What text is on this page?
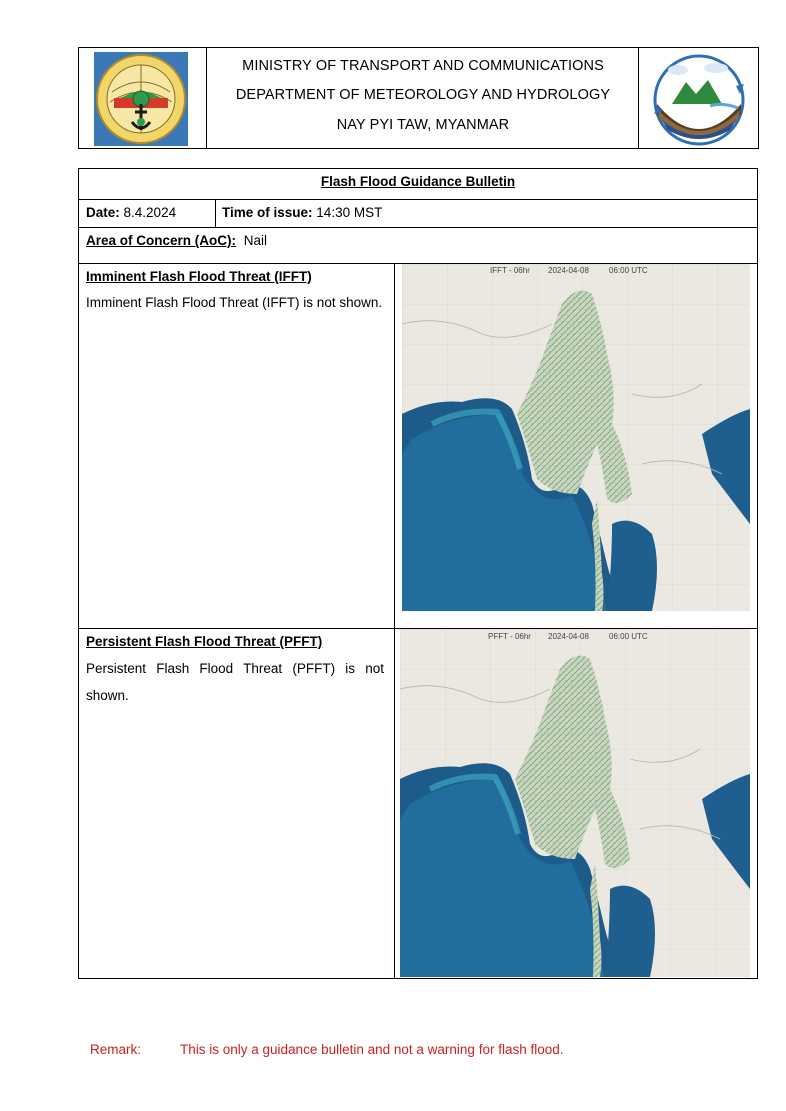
MINISTRY OF TRANSPORT AND COMMUNICATIONS
DEPARTMENT OF METEOROLOGY AND HYDROLOGY
NAY PYI TAW, MYANMAR
Flash Flood Guidance Bulletin
Date: 8.4.2024	Time of issue: 14:30 MST
Area of Concern (AoC): Nail
Imminent Flash Flood Threat (IFFT)
Imminent Flash Flood Threat (IFFT) is not shown.
IFFT - 06hr 2024-04-08	06:00 UTC
Persistent Flash Flood Threat (PFFT)
Persistent Flash Flood Threat (PFFT) is not shown.
PFFT - 06hr 2024-04-08	06:00 UTC
Remark:	This is only a guidance bulletin and not a warning for flash flood.
